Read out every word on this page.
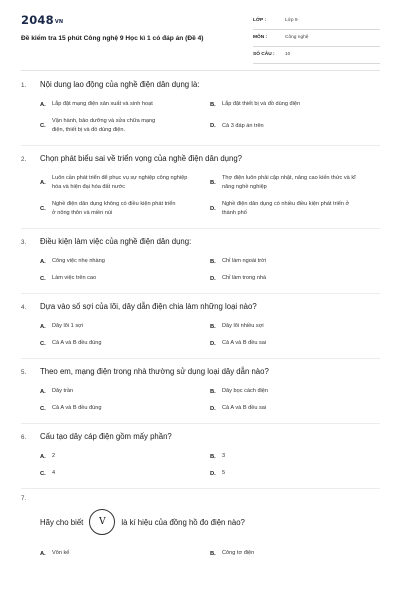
2048VN
Đề kiểm tra 15 phút Công nghệ 9 Học kì 1 có đáp án (Đề 4)
LỚP :	Lớp 9
MÔN :	Công nghệ
SỐ CÂU : 10
1. Nội dung lao động của nghề điện dân dụng là:
A. Lắp đặt mạng điện sản xuất và sinh hoạt	B. Lắp đặt thiết bị và đồ dùng điện
C.
Vận hành, bảo dưỡng và sửa chữa mạng điện, thiết bị và đồ dùng điện.
D. Cả 3 đáp án trên
2. Chọn phát biểu sai về triển vọng của nghề điện dân dụng?
A.
Luôn cần phát triển để phục vụ sự nghiệp công nghiệp hóa và hiện đại hóa đất nước
B.
Thợ điện luôn phải cập nhật, nâng cao kiến thức và kĩ năng nghề nghiệp
C.
Nghề điện dân dụng không có điều kiện phát triển ở nông thôn và miền núi
D.
Nghề điện dân dụng có nhiều điều kiện phát triển ở thành phố
3. Điều kiện làm việc của nghề điện dân dụng:
A. Công việc nhẹ nhàng	B. Chỉ làm ngoài trời
C. Làm việc trên cao	D. Chỉ làm trong nhà
4. Dựa vào số sợi của lõi, dây dẫn điện chia làm những loại nào?
A. Dây lõi 1 sợi	B. Dây lõi nhiều sợi
C. Cả A và B đều đúng	D. Cả A và B đều sai
5. Theo em, mạng điện trong nhà thường sử dụng loại dây dẫn nào?
A. Dây trần	B. Dây bọc cách điện
C. Cả A và B đều đúng	D. Cả A và B đều sai
6. Cấu tạo dây cáp điện gồm mấy phần?
A. 2	B. 3
C. 4	D. 5
7.
Hãy cho biết	V	là kí hiệu của đồng hồ đo điện nào?
A. Vôn kế	B. Công tơ điện
